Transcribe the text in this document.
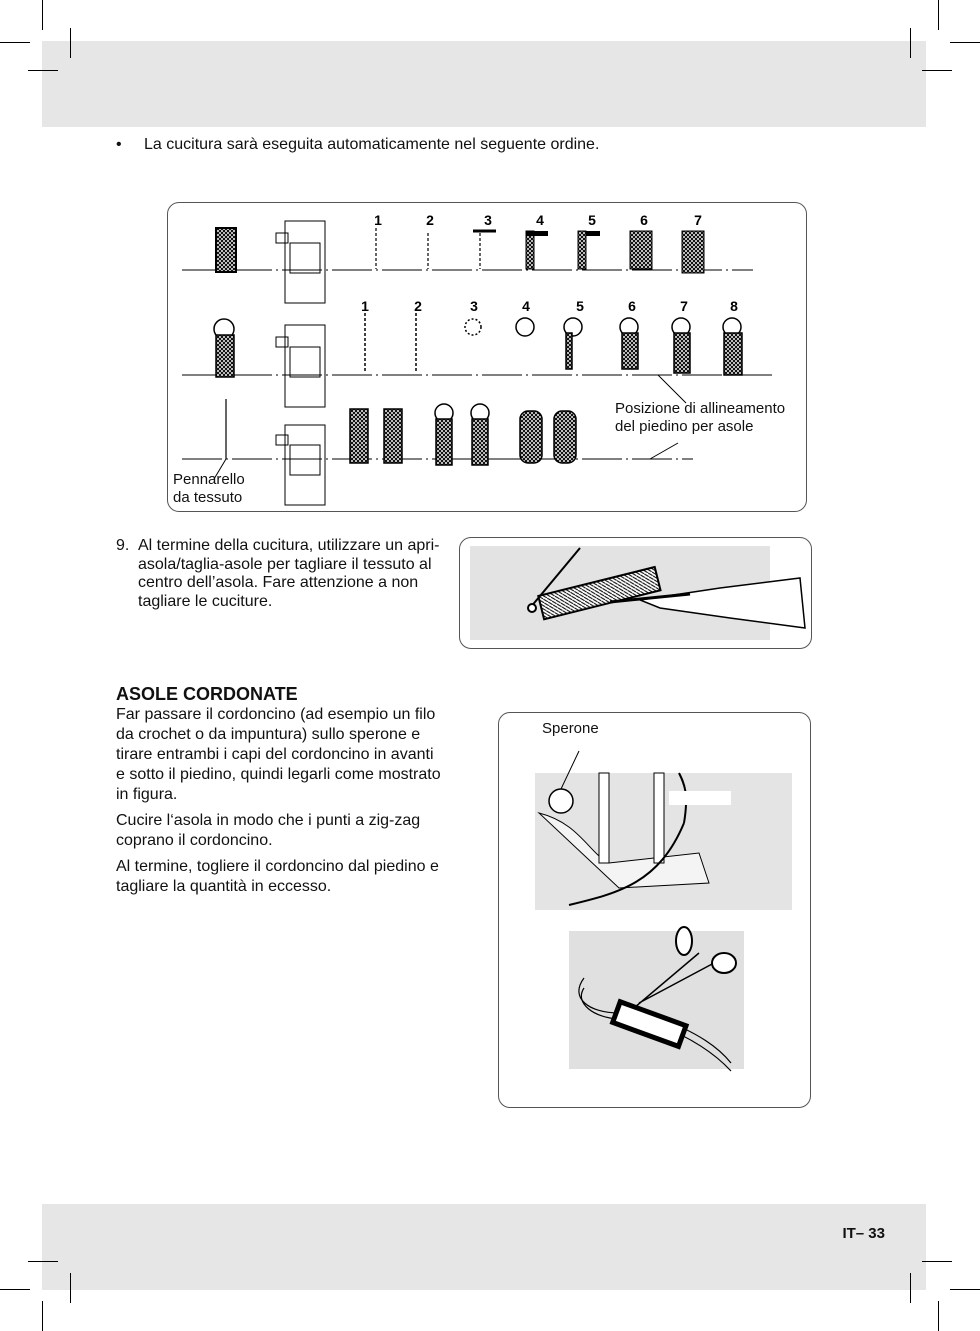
• La cucitura sarà eseguita automaticamente nel seguente ordine.
1	2	3	4	5	6	7
1	2	3	4	5	6	7	8
Posizione di allineamento
del piedino per asole
Pennarello
da tessuto
9. Al termine della cucitura, utilizzare un apri-asola/taglia-asole per tagliare il tessuto al centro dell’asola. Fare attenzione a non tagliare le cuciture.
ASOLE CORDONATE

Far passare il cordoncino (ad esempio un filo da crochet o da impuntura) sullo sperone e tirare entrambi i capi del cordoncino in avanti e sotto il piedino, quindi legarli come mostrato in figura.

Cucire l‘asola in modo che i punti a zig-zag coprano il cordoncino.

Al termine, togliere il cordoncino dal piedino e tagliare la quantità in eccesso.

Sperone
IT– 33
